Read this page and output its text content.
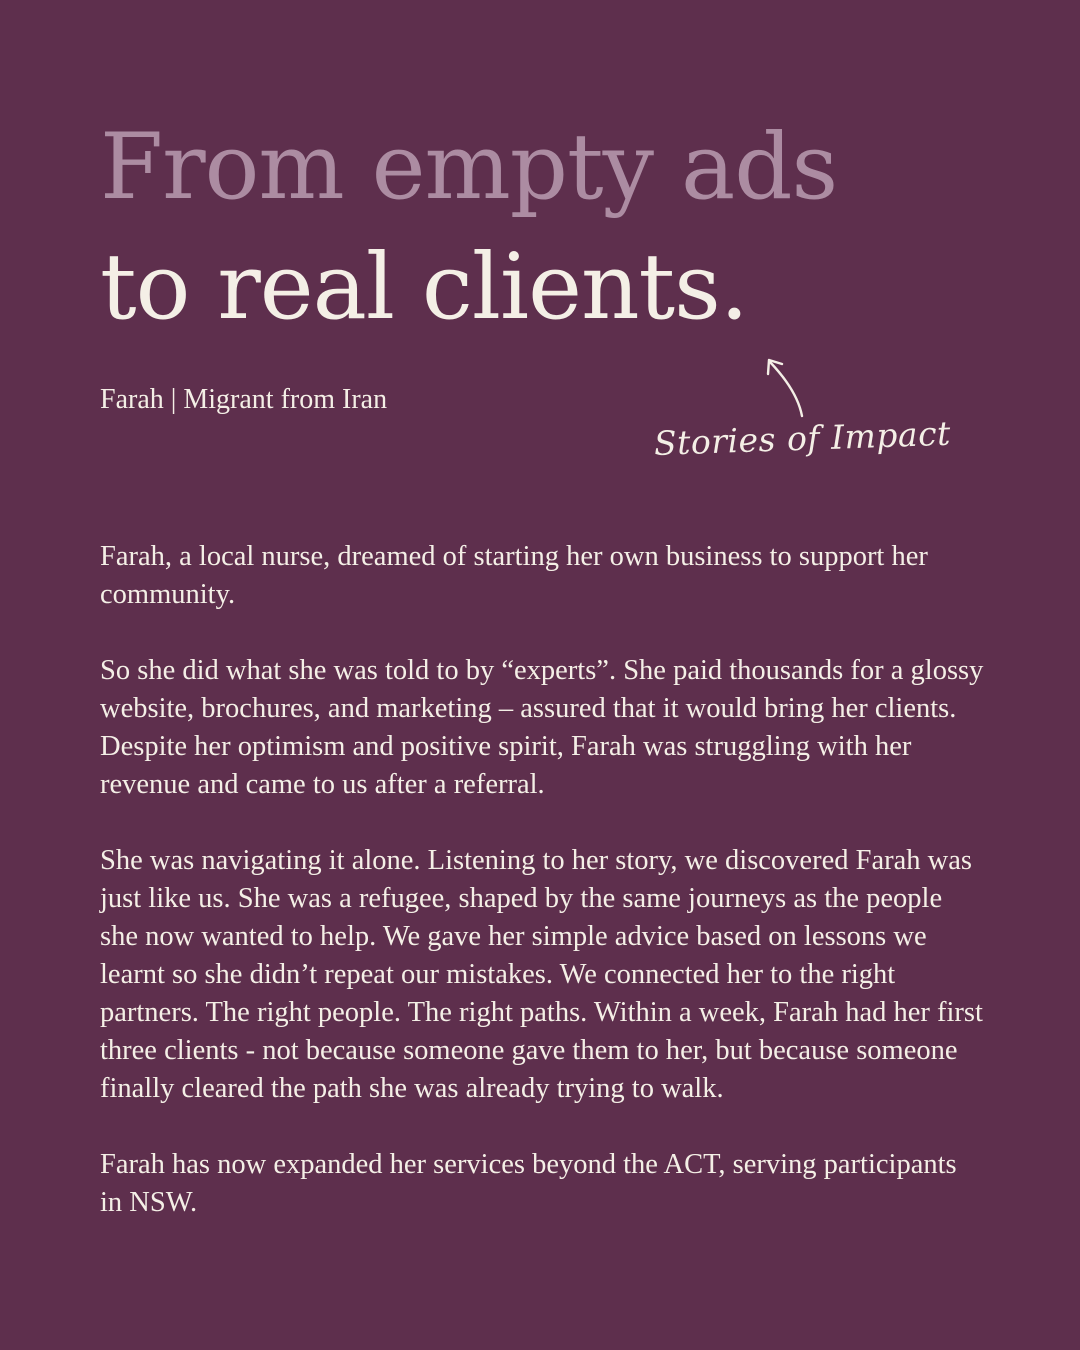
From empty ads
to real clients.

Farah | Migrant from Iran

Stories of Impact

Farah, a local nurse, dreamed of starting her own business to support her community.

So she did what she was told to by “experts”. She paid thousands for a glossy website, brochures, and marketing – assured that it would bring her clients. Despite her optimism and positive spirit, Farah was struggling with her revenue and came to us after a referral.

She was navigating it alone. Listening to her story, we discovered Farah was just like us. She was a refugee, shaped by the same journeys as the people she now wanted to help. We gave her simple advice based on lessons we learnt so she didn’t repeat our mistakes. We connected her to the right partners. The right people. The right paths. Within a week, Farah had her first three clients - not because someone gave them to her, but because someone finally cleared the path she was already trying to walk.

Farah has now expanded her services beyond the ACT, serving participants in NSW.
